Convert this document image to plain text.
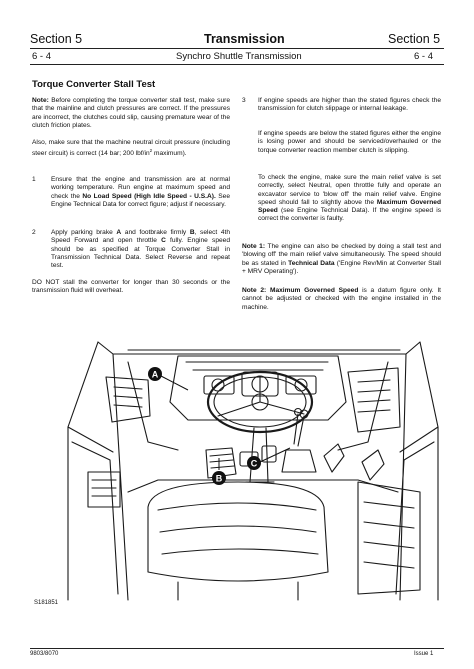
Section 5	Transmission	Section 5
6 - 4	Synchro Shuttle Transmission	6 - 4
Torque Converter Stall Test
Note: Before completing the torque converter stall test, make sure that the mainline and clutch pressures are correct. If the pressures are incorrect, the clutches could slip, causing premature wear of the clutch friction plates.
Also, make sure that the machine neutral circuit pressure (including steer circuit) is correct (14 bar; 200 lbf/$in^2$ maximum).
1 Ensure that the engine and transmission are at normal working temperature. Run engine at maximum speed and check the No Load Speed (High Idle Speed - U.S.A). See Engine Technical Data for correct figure; adjust if necessary.
2 Apply parking brake A and footbrake firmly B, select 4th Speed Forward and open throttle C fully. Engine speed should be as specified at Torque Converter Stall in Transmission Technical Data. Select Reverse and repeat test.
DO NOT stall the converter for longer than 30 seconds or the transmission fluid will overheat.
3 If engine speeds are higher than the stated figures check the transmission for clutch slippage or internal leakage.
If engine speeds are below the stated figures either the engine is losing power and should be serviced/overhauled or the torque converter reaction member clutch is slipping.
To check the engine, make sure the main relief valve is set correctly, select Neutral, open throttle fully and operate an excavator service to 'blow off' the main relief valve. Engine speed should fall to slightly above the Maximum Governed Speed (see Engine Technical Data). If the engine speed is correct the converter is faulty.
Note 1: The engine can also be checked by doing a stall test and 'blowing off' the main relief valve simultaneously. The speed should be as stated in Technical Data ('Engine Rev/Min at Converter Stall + MRV Operating').
Note 2: Maximum Governed Speed is a datum figure only. It cannot be adjusted or checked with the engine installed in the machine.
A
B
C
S181851
9803/8070	Issue 1
